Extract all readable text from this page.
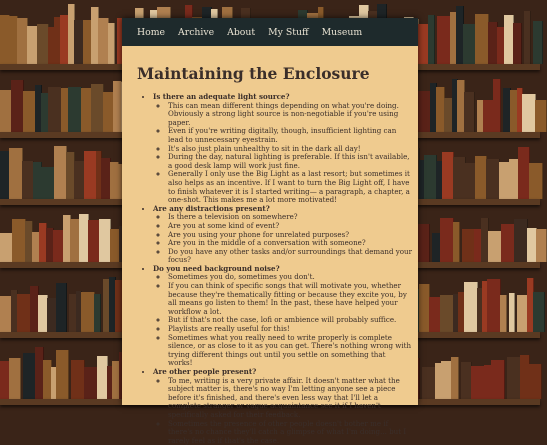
Home Archive About My Stuff Museum
Maintaining the Enclosure
• Is there an adequate light source?
◦ This can mean different things depending on what you're doing. Obviously a strong light source is non-negotiable if you're using paper.
◦ Even if you're writing digitally, though, insufficient lighting can lead to unnecessary eyestrain.
◦ It's also just plain unhealthy to sit in the dark all day!
◦ During the day, natural lighting is preferable. If this isn't available, a good desk lamp will work just fine.
◦ Generally I only use the Big Light as a last resort; but sometimes it also helps as an incentive. If I want to turn the Big Light off, I have to finish whatever it is I started writing— a paragraph, a chapter, a one-shot. This makes me a lot more motivated!
• Are any distractions present?
◦ Is there a television on somewhere?
◦ Are you at some kind of event?
◦ Are you using your phone for unrelated purposes?
◦ Are you in the middle of a conversation with someone?
◦ Do you have any other tasks and/or surroundings that demand your focus?
• Do you need background noise?
◦ Sometimes you do, sometimes you don't.
◦ If you can think of specific songs that will motivate you, whether because they're thematically fitting or because they excite you, by all means go listen to them! In the past, these have helped your workflow a lot.
◦ But if that's not the case, lofi or ambience will probably suffice.
◦ Playlists are really useful for this!
◦ Sometimes what you really need to write properly is complete silence, or as close to it as you can get. There's nothing wrong with trying different things out until you settle on something that works!
• Are other people present?
◦ To me, writing is a very private affair. It doesn't matter what the subject matter is, there's no way I'm letting anyone see a piece before it's finished, and there's even less way that I'll let a complete stranger or vague acquaintance see it if I haven't specifically asked for their feedback.
◦ Sometimes the presence of other people doesn't bother me if there's no chance they'll catch a glimpse of what I'm doing... but I rarely feel as if that's the case.
